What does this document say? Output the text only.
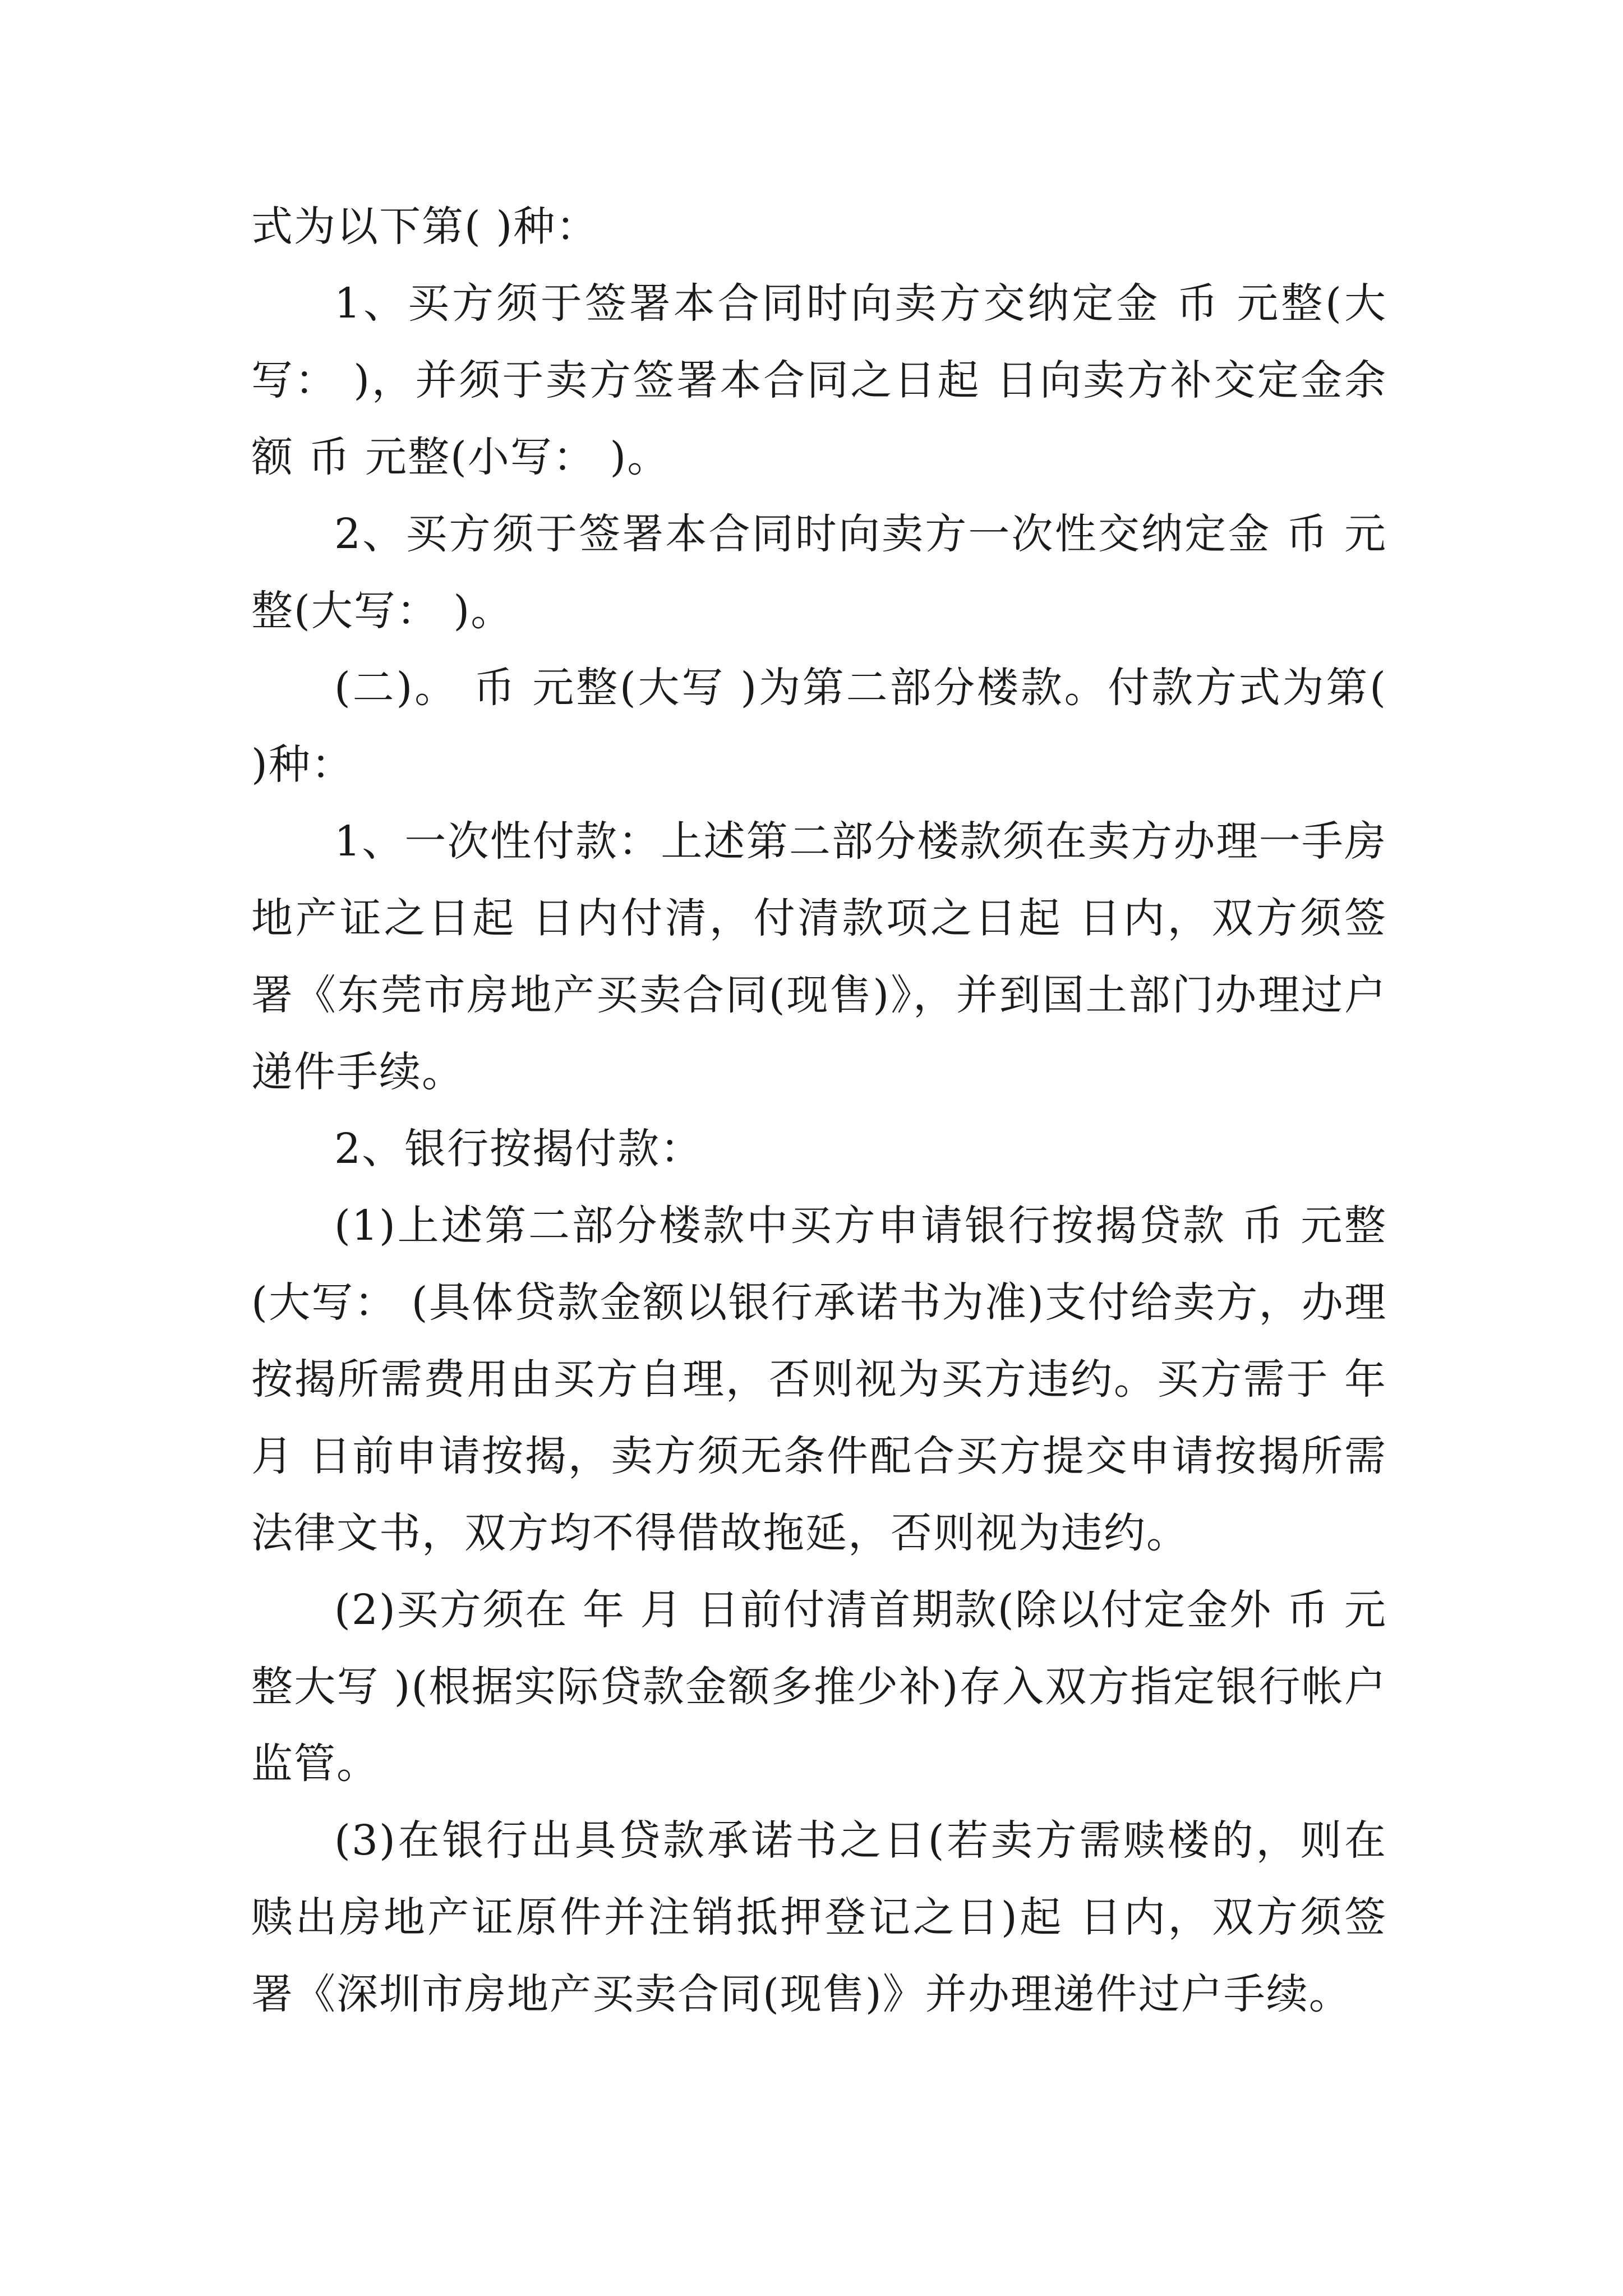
式为以下第( )种：

1、买方须于签署本合同时向卖方交纳定金 币 元整(大写： )，并须于卖方签署本合同之日起 日向卖方补交定金余额 币 元整(小写： )。

2、买方须于签署本合同时向卖方一次性交纳定金 币 元整(大写： )。

(二)。 币 元整(大写 )为第二部分楼款。付款方式为第( )种：

1、一次性付款：上述第二部分楼款须在卖方办理一手房地产证之日起 日内付清，付清款项之日起 日内，双方须签署《东莞市房地产买卖合同(现售)》，并到国土部门办理过户递件手续。

2、银行按揭付款：

(1)上述第二部分楼款中买方申请银行按揭贷款 币 元整(大写： (具体贷款金额以银行承诺书为准)支付给卖方，办理按揭所需费用由买方自理，否则视为买方违约。买方需于 年 月 日前申请按揭，卖方须无条件配合买方提交申请按揭所需法律文书，双方均不得借故拖延，否则视为违约。

(2)买方须在 年 月 日前付清首期款(除以付定金外 币 元整大写 )(根据实际贷款金额多推少补)存入双方指定银行帐户监管。

(3)在银行出具贷款承诺书之日(若卖方需赎楼的，则在赎出房地产证原件并注销抵押登记之日)起 日内，双方须签署《深圳市房地产买卖合同(现售)》并办理递件过户手续。
